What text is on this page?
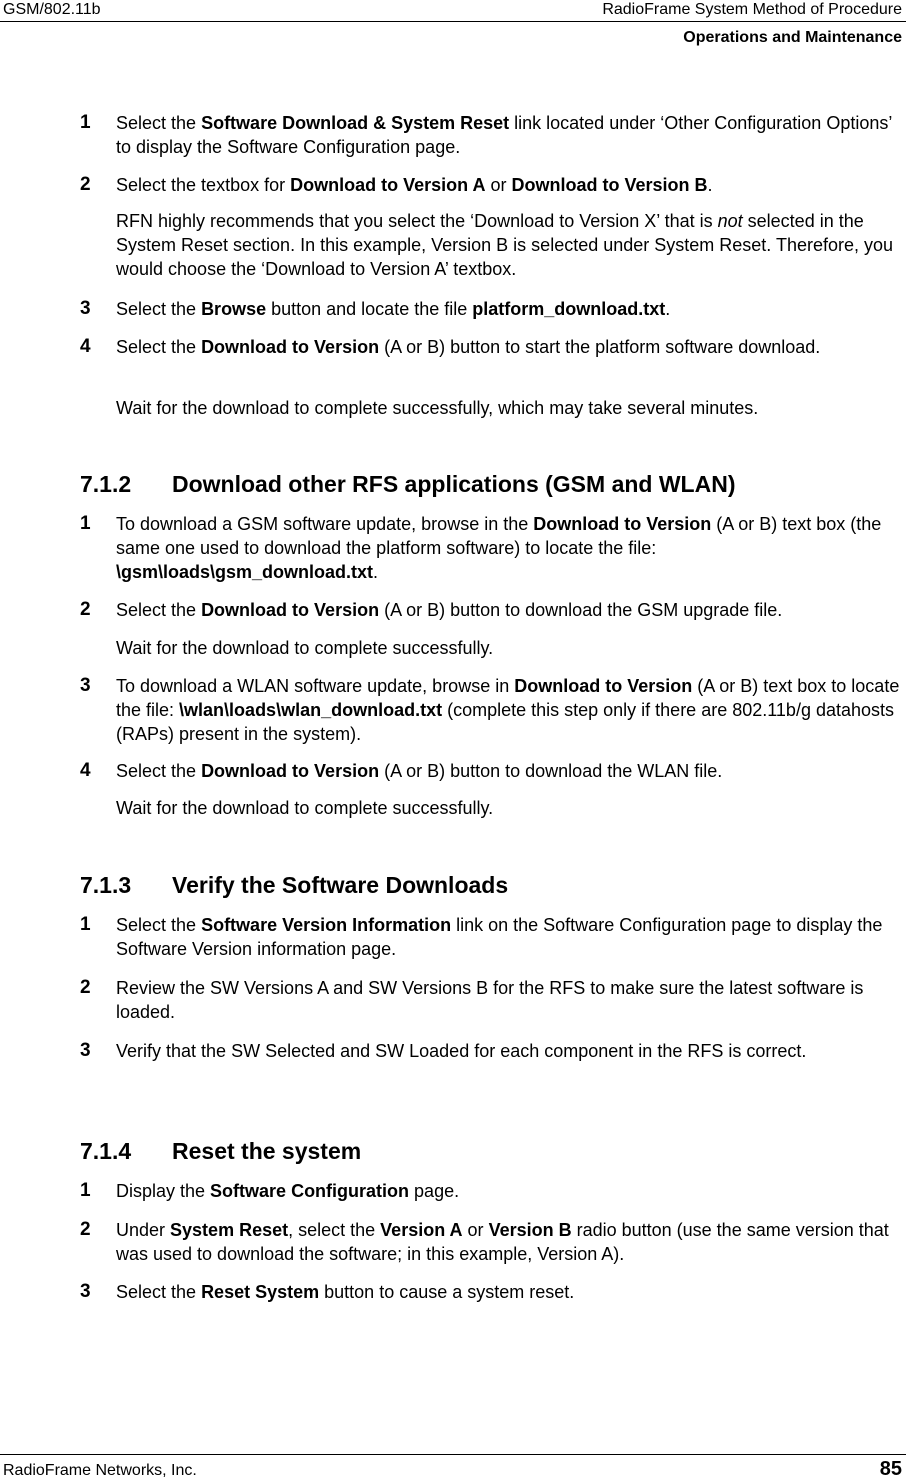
GSM/802.11b	RadioFrame System Method of Procedure
Operations and Maintenance
1 Select the Software Download & System Reset link located under ‘Other Configuration Options’ to display the Software Configuration page.
2 Select the textbox for Download to Version A or Download to Version B.
RFN highly recommends that you select the ‘Download to Version X’ that is not selected in the System Reset section. In this example, Version B is selected under System Reset. Therefore, you would choose the ‘Download to Version A’ textbox.
3 Select the Browse button and locate the file platform_download.txt.
4 Select the Download to Version (A or B) button to start the platform software download.
Wait for the download to complete successfully, which may take several minutes.
7.1.2 Download other RFS applications (GSM and WLAN)
1 To download a GSM software update, browse in the Download to Version (A or B) text box (the same one used to download the platform software) to locate the file: \gsm\loads\gsm_download.txt.
2 Select the Download to Version (A or B) button to download the GSM upgrade file.
Wait for the download to complete successfully.
3 To download a WLAN software update, browse in Download to Version (A or B) text box to locate the file: \wlan\loads\wlan_download.txt (complete this step only if there are 802.11b/g datahosts (RAPs) present in the system).
4 Select the Download to Version (A or B) button to download the WLAN file.
Wait for the download to complete successfully.
7.1.3 Verify the Software Downloads
1 Select the Software Version Information link on the Software Configuration page to display the Software Version information page.
2 Review the SW Versions A and SW Versions B for the RFS to make sure the latest software is loaded.
3 Verify that the SW Selected and SW Loaded for each component in the RFS is correct.
7.1.4 Reset the system
1 Display the Software Configuration page.
2 Under System Reset, select the Version A or Version B radio button (use the same version that was used to download the software; in this example, Version A).
3 Select the Reset System button to cause a system reset.
RadioFrame Networks, Inc.	85
